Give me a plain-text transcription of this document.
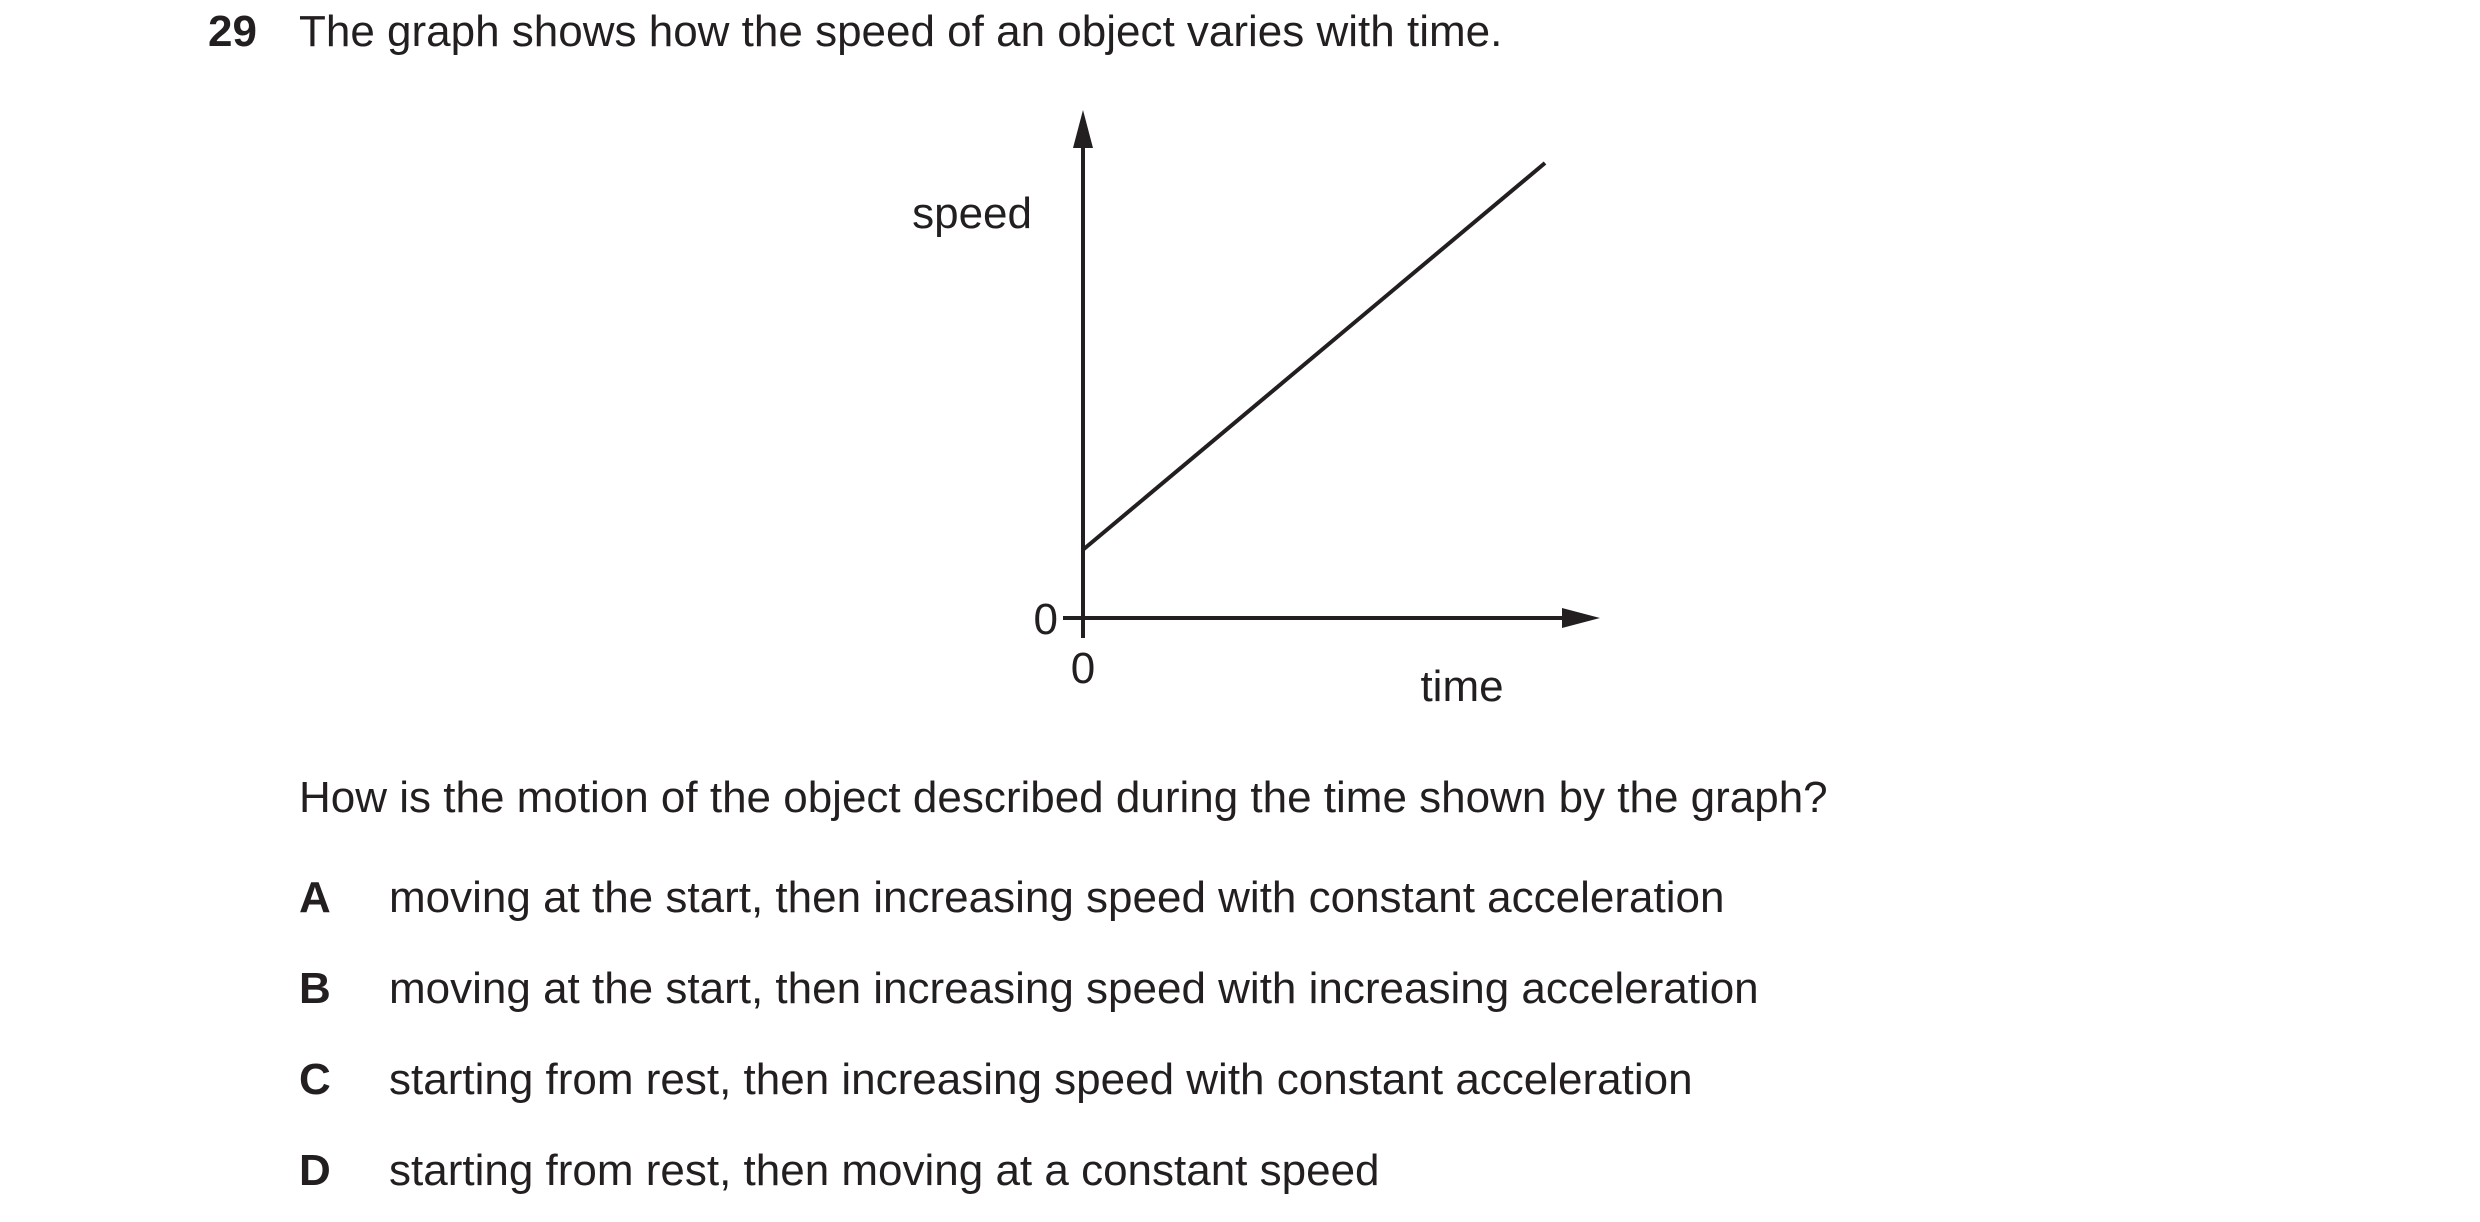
29 The graph shows how the speed of an object varies with time.
speed
time
0
0
How is the motion of the object described during the time shown by the graph?
A moving at the start, then increasing speed with constant acceleration
B moving at the start, then increasing speed with increasing acceleration
C starting from rest, then increasing speed with constant acceleration
D starting from rest, then moving at a constant speed
